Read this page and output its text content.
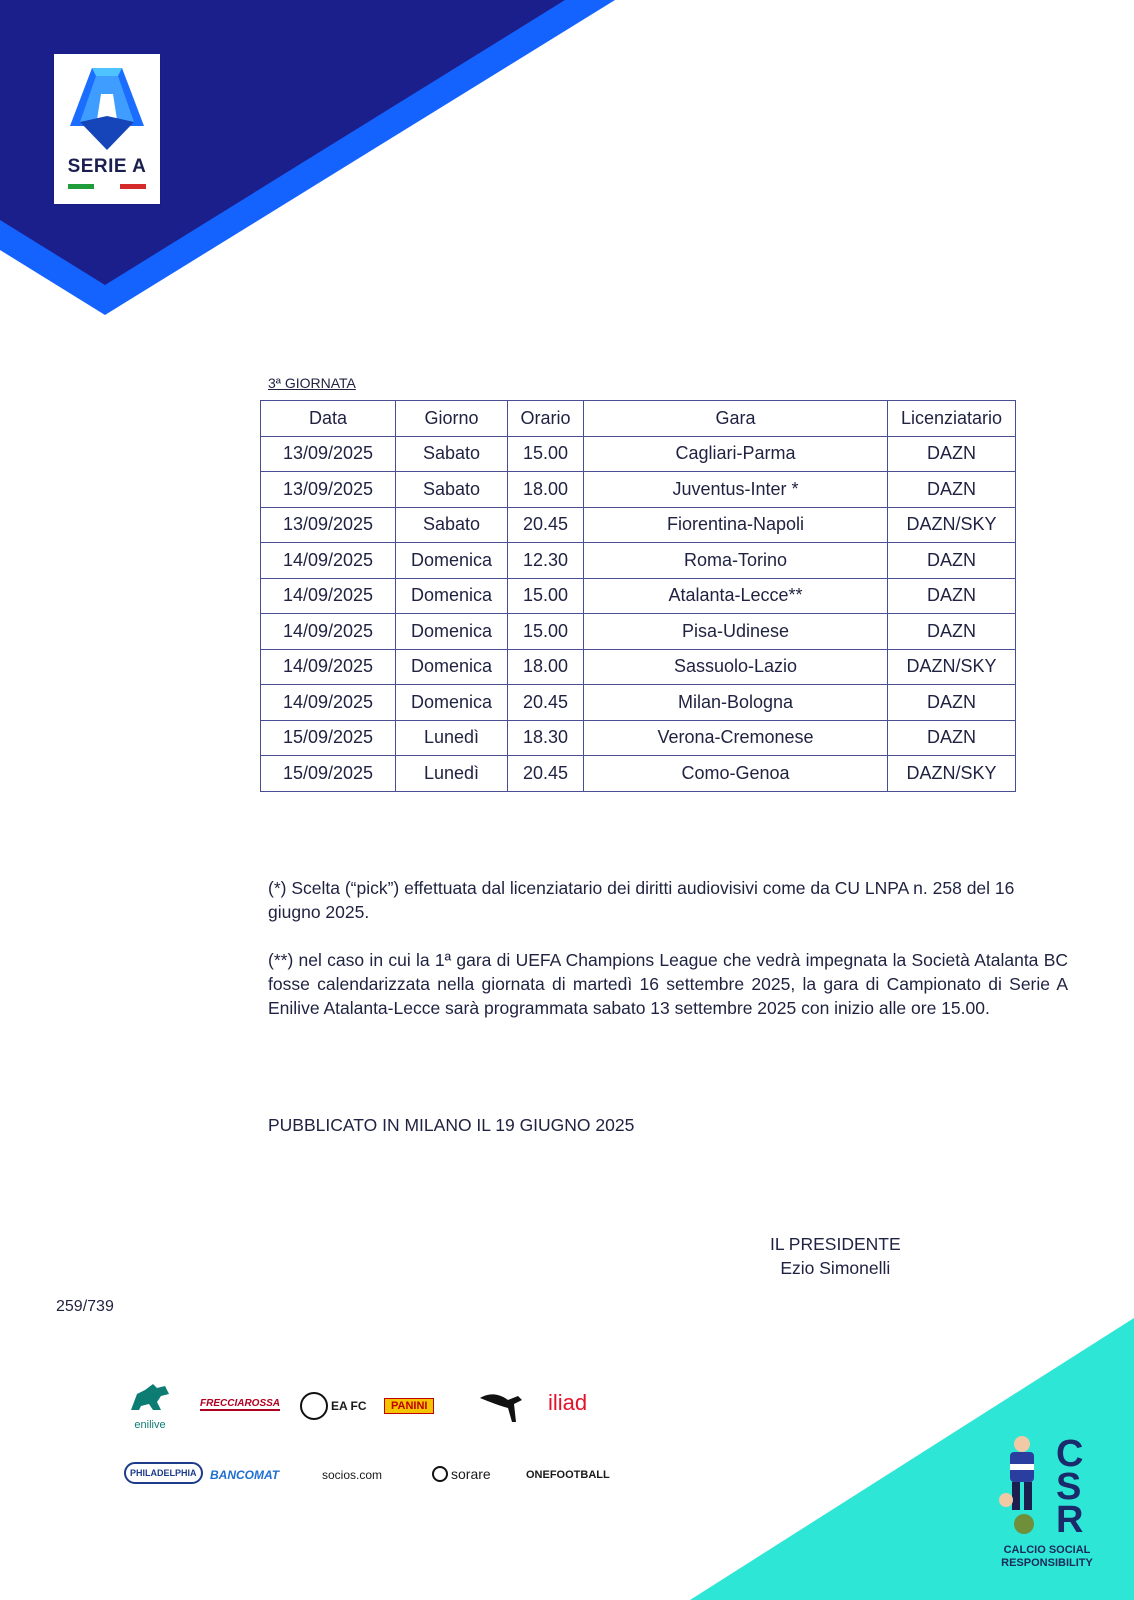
SERIE A
3ª GIORNATA
Data	Giorno	Orario	Gara	Licenziatario
13/09/2025	Sabato	15.00	Cagliari-Parma	DAZN
13/09/2025	Sabato	18.00	Juventus-Inter *	DAZN
13/09/2025	Sabato	20.45	Fiorentina-Napoli	DAZN/SKY
14/09/2025	Domenica	12.30	Roma-Torino	DAZN
14/09/2025	Domenica	15.00	Atalanta-Lecce**	DAZN
14/09/2025	Domenica	15.00	Pisa-Udinese	DAZN
14/09/2025	Domenica	18.00	Sassuolo-Lazio	DAZN/SKY
14/09/2025	Domenica	20.45	Milan-Bologna	DAZN
15/09/2025	Lunedì	18.30	Verona-Cremonese	DAZN
15/09/2025	Lunedì	20.45	Como-Genoa	DAZN/SKY
(*) Scelta (“pick”) effettuata dal licenziatario dei diritti audiovisivi come da CU LNPA n. 258 del 16 giugno 2025.
(**) nel caso in cui la 1ª gara di UEFA Champions League che vedrà impegnata la Società Atalanta BC fosse calendarizzata nella giornata di martedì 16 settembre 2025, la gara di Campionato di Serie A Enilive Atalanta-Lecce sarà programmata sabato 13 settembre 2025 con inizio alle ore 15.00.
PUBBLICATO IN MILANO IL 19 GIUGNO 2025
IL PRESIDENTE
Ezio Simonelli
259/739
enilive
FRECCIAROSSA	EA FC	PANINI	iliad
PHILADELPHIA	BANCOMAT	socios.com	sorare	ONEFOOTBALL	CSR
CALCIO SOCIAL
RESPONSIBILITY
